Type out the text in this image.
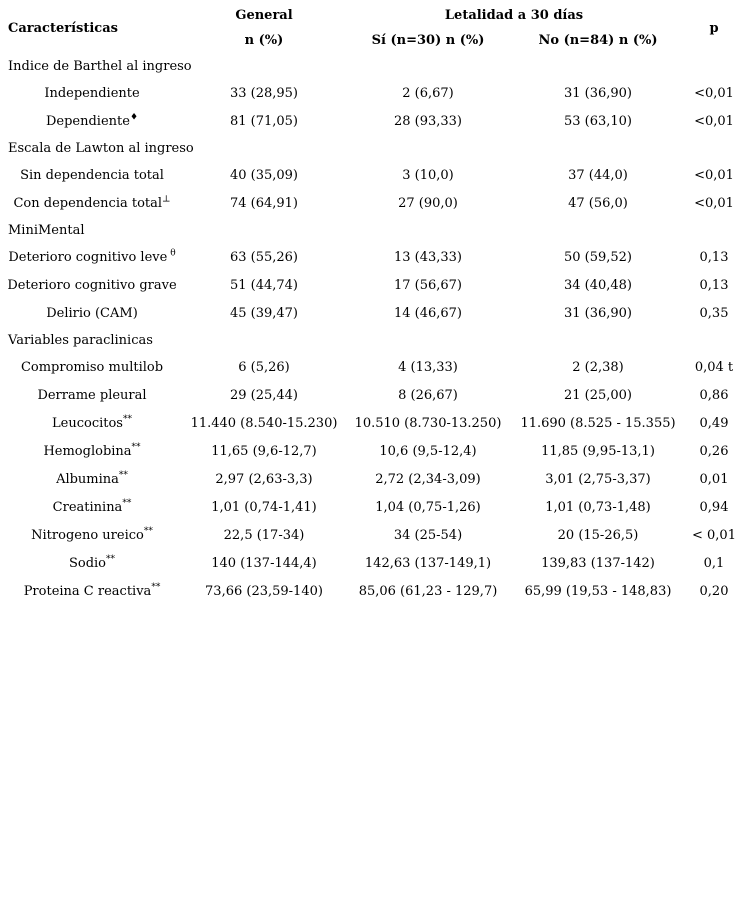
Características	General	Letalidad a 30 días		p
	n (%)	Sí (n=30) n (%)	No (n=84) n (%)	
Indice de Barthel al ingreso				
Independiente	33 (28,95)	2 (6,67)	31 (36,90)	<0,01
Dependiente♦	81 (71,05)	28 (93,33)	53 (63,10)	<0,01
Escala de Lawton al ingreso				
Sin dependencia total	40 (35,09)	3 (10,0)	37 (44,0)	<0,01
Con dependencia total⊥	74 (64,91)	27 (90,0)	47 (56,0)	<0,01
MiniMental				
Deterioro cognitivo leve $^\theta$	63 (55,26)	13 (43,33)	50 (59,52)	0,13
Deterioro cognitivo grave	51 (44,74)	17 (56,67)	34 (40,48)	0,13
Delirio (CAM)	45 (39,47)	14 (46,67)	31 (36,90)	0,35
Variables paraclinicas				
Compromiso multilob	6 (5,26)	4 (13,33)	2 (2,38)	0,04 t
Derrame pleural	29 (25,44)	8 (26,67)	21 (25,00)	0,86
Leucocitos**	11.440 (8.540-15.230)	10.510 (8.730-13.250)	11.690 (8.525 - 15.355)	0,49
Hemoglobina**	11,65 (9,6-12,7)	10,6 (9,5-12,4)	11,85 (9,95-13,1)	0,26
Albumina**	2,97 (2,63-3,3)	2,72 (2,34-3,09)	3,01 (2,75-3,37)	0,01
Creatinina**	1,01 (0,74-1,41)	1,04 (0,75-1,26)	1,01 (0,73-1,48)	0,94
Nitrogeno ureico**	22,5 (17-34)	34 (25-54)	20 (15-26,5)	< 0,01
Sodio**	140 (137-144,4)	142,63 (137-149,1)	139,83 (137-142)	0,1
Proteina C reactiva**	73,66 (23,59-140)	85,06 (61,23 - 129,7)	65,99 (19,53 - 148,83)	0,20
